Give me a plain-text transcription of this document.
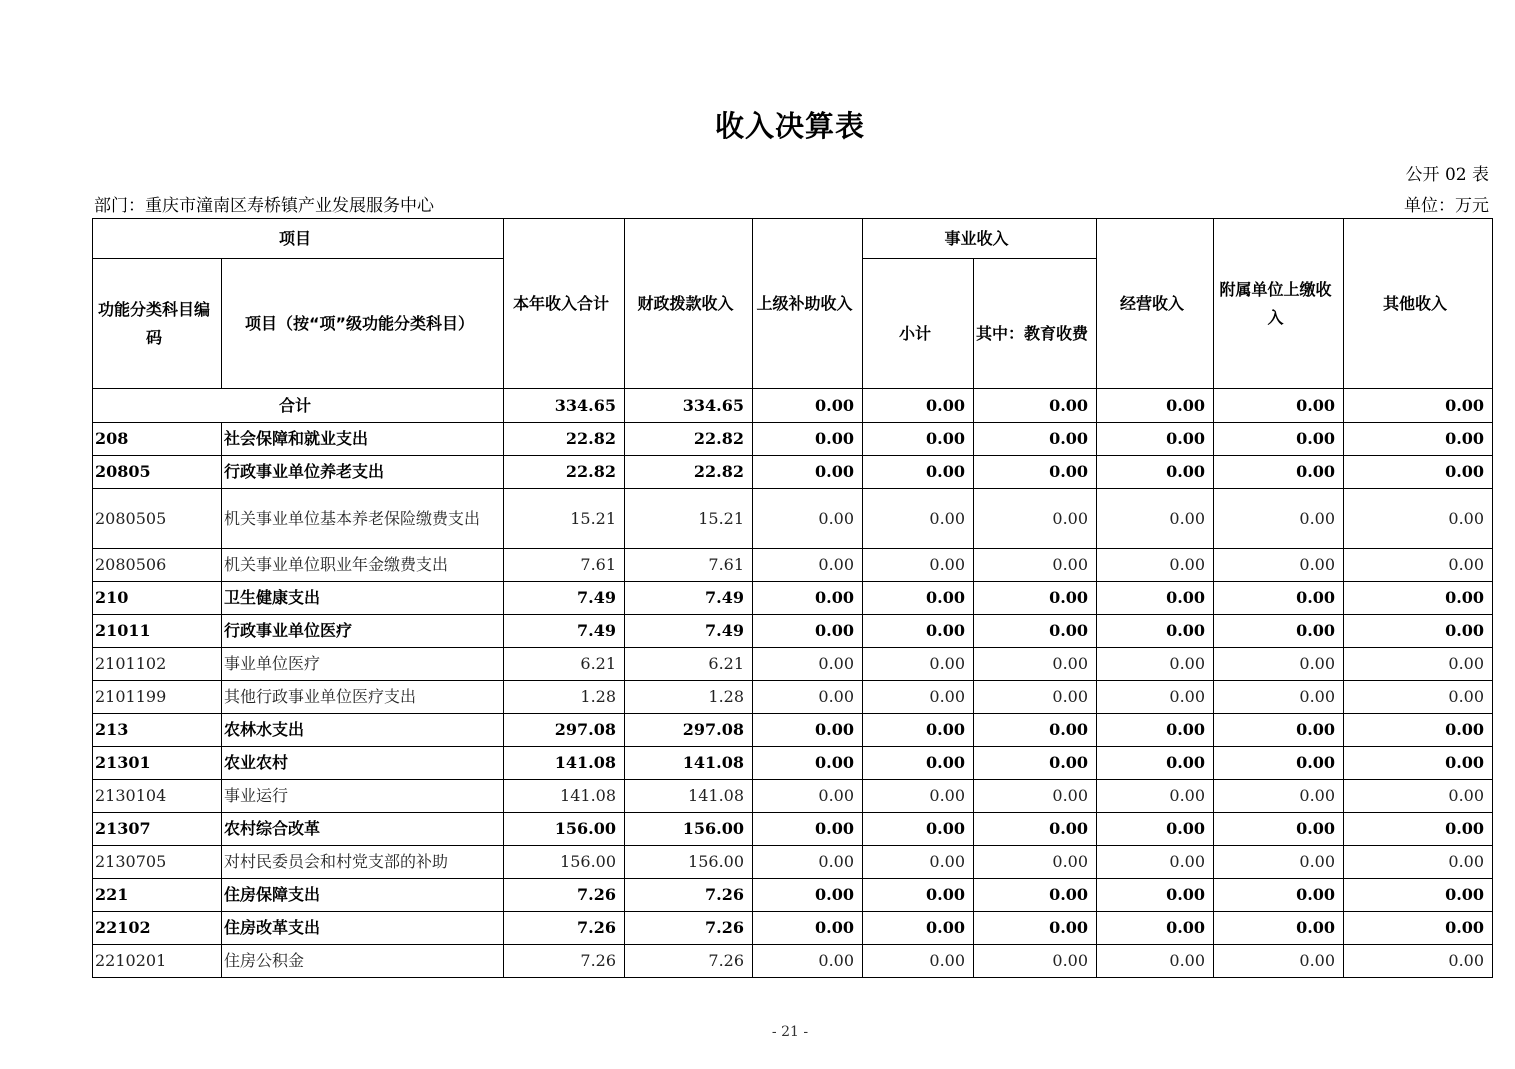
收入决算表
公开 02 表
部门：重庆市潼南区寿桥镇产业发展服务中心	单位：万元
项目		本年收入合计	财政拨款收入	上级补助收入	事业收入		经营收入	附属单位上缴收入	其他收入
功能分类科目编码	项目（按“项”级功能分类科目）				小计	其中：教育收费			
合计		334.65	334.65	0.00	0.00	0.00	0.00	0.00	0.00
208	社会保障和就业支出	22.82	22.82	0.00	0.00	0.00	0.00	0.00	0.00
20805	行政事业单位养老支出	22.82	22.82	0.00	0.00	0.00	0.00	0.00	0.00
2080505	机关事业单位基本养老保险缴费支出	15.21	15.21	0.00	0.00	0.00	0.00	0.00	0.00
2080506	机关事业单位职业年金缴费支出	7.61	7.61	0.00	0.00	0.00	0.00	0.00	0.00
210	卫生健康支出	7.49	7.49	0.00	0.00	0.00	0.00	0.00	0.00
21011	行政事业单位医疗	7.49	7.49	0.00	0.00	0.00	0.00	0.00	0.00
2101102	事业单位医疗	6.21	6.21	0.00	0.00	0.00	0.00	0.00	0.00
2101199	其他行政事业单位医疗支出	1.28	1.28	0.00	0.00	0.00	0.00	0.00	0.00
213	农林水支出	297.08	297.08	0.00	0.00	0.00	0.00	0.00	0.00
21301	农业农村	141.08	141.08	0.00	0.00	0.00	0.00	0.00	0.00
2130104	事业运行	141.08	141.08	0.00	0.00	0.00	0.00	0.00	0.00
21307	农村综合改革	156.00	156.00	0.00	0.00	0.00	0.00	0.00	0.00
2130705	对村民委员会和村党支部的补助	156.00	156.00	0.00	0.00	0.00	0.00	0.00	0.00
221	住房保障支出	7.26	7.26	0.00	0.00	0.00	0.00	0.00	0.00
22102	住房改革支出	7.26	7.26	0.00	0.00	0.00	0.00	0.00	0.00
2210201	住房公积金	7.26	7.26	0.00	0.00	0.00	0.00	0.00	0.00
- 21 -
